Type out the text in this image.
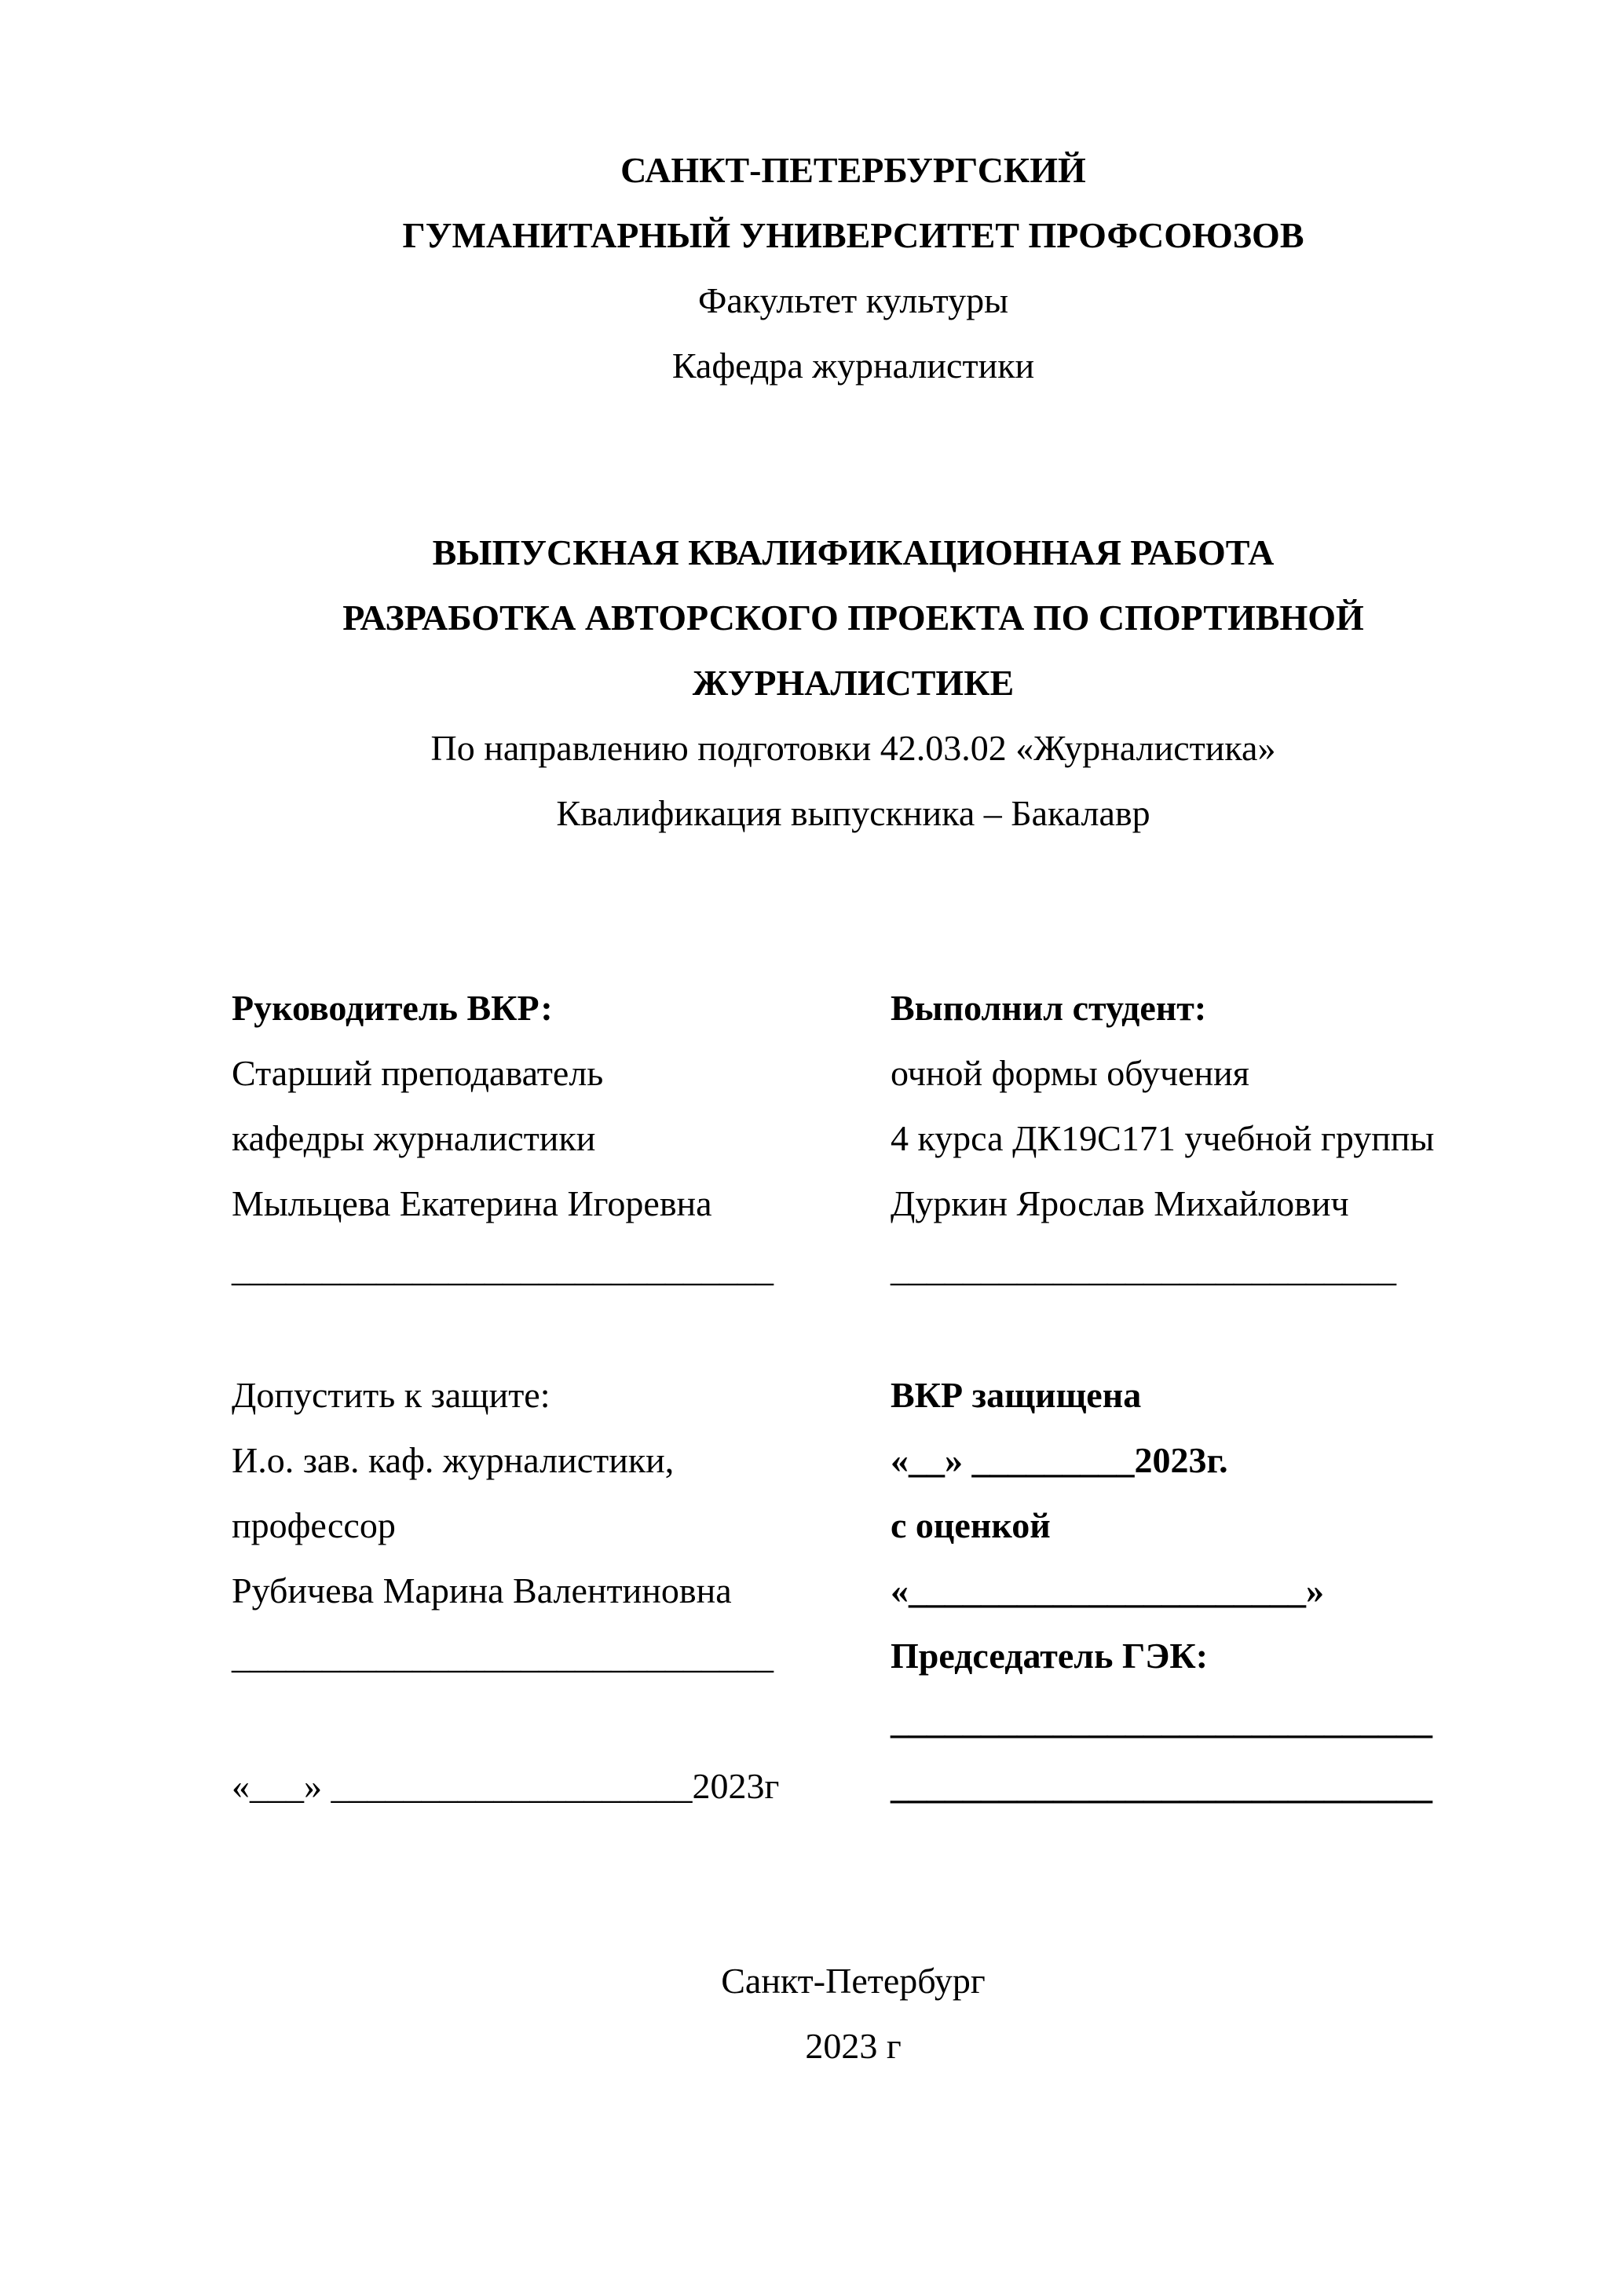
САНКТ-ПЕТЕРБУРГСКИЙ
ГУМАНИТАРНЫЙ УНИВЕРСИТЕТ ПРОФСОЮЗОВ
Факультет культуры
Кафедра журналистики
ВЫПУСКНАЯ КВАЛИФИКАЦИОННАЯ РАБОТА
РАЗРАБОТКА АВТОРСКОГО ПРОЕКТА ПО СПОРТИВНОЙ
ЖУРНАЛИСТИКЕ
По направлению подготовки 42.03.02 «Журналистика»
Квалификация выпускника – Бакалавр
Руководитель ВКР:
Старший преподаватель
кафедры журналистики
Мыльцева Екатерина Игоревна
______________________________
Выполнил студент:
очной формы обучения
4 курса ДК19С171 учебной группы
Дуркин Ярослав Михайлович
____________________________
Допустить к защите:
И.о. зав. каф. журналистики,
профессор
Рубичева Марина Валентиновна
______________________________

«___» ____________________2023г
ВКР защищена
«__» _________2023г.
с оценкой
«______________________»
Председатель ГЭК:
______________________________
______________________________
Санкт-Петербург
2023 г
